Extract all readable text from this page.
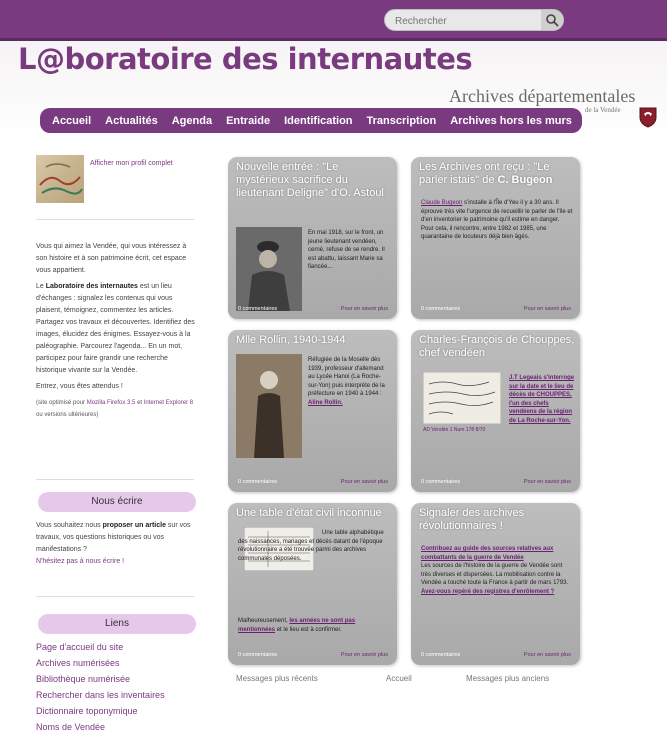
Rechercher
L@boratoire des internautes
Archives départementales
de la Vendée
Accueil	Actualités	Agenda	Entraide	Identification	Transcription	Archives hors les murs
Afficher mon profil complet

Vous qui aimez la Vendée, qui vous intéressez à son histoire et à son patrimoine écrit, cet espace vous appartient.

Le Laboratoire des internautes est un lieu d'échanges : signalez les contenus qui vous plaisent, témoignez, commentez les articles. Partagez vos travaux et découvertes. Identifiez des images, élucidez des énigmes. Essayez-vous à la paléographie. Parcourez l'agenda... En un mot, participez pour faire grandir une recherche historique vivante sur la Vendée.

Entrez, vous êtes attendus !

(site optimisé pour Mozilla Firefox 3.5 et Internet Explorer 8 ou versions ultérieures)

Nous écrire
Vous souhaitez nous proposer un article sur vos travaux, vos questions historiques ou vos manifestations ?
N'hésitez pas à nous écrire !
Liens
Page d'accueil du site
Archives numérisées
Bibliothèque numérisée
Rechercher dans les inventaires
Dictionnaire toponymique
Noms de Vendée
Nouvelle entrée : "Le mystérieux sacrifice du lieutenant Deligne" d'O. Astoul
En mai 1918, sur le front, un jeune lieutenant vendéen, cerné, refuse de se rendre. Il est abattu, laissant Marie sa fiancée...
0 commentaires	Pour en savoir plus
Les Archives ont reçu : "Le parler istais" de C. Bugeon
Claude Bugeon s'installe à l'Île d'Yeu il y a 30 ans. Il éprouve très vite l'urgence de recueillir le parler de l'île et d'en inventorier le patrimoine qu'il estime en danger. Pour cela, il rencontre, entre 1982 et 1985, une quarantaine de locuteurs déjà bien âgés.
0 commentaires	Pour en savoir plus
Mlle Rollin, 1940-1944
Réfugiée de la Moselle dès 1939, professeur d'allemand au Lycée Hanoi (La Roche-sur-Yon) puis interprète de la préfecture en 1940 à 1944 : Aline Rollin.
0 commentaires	Pour en savoir plus
Charles-François de Chouppes, chef vendéen
AD Vendée 1 Num 178 8/70
J.T Legeais s'interroge sur la date et le lieu de décès de CHOUPPES, l'un des chefs vendéens de la région de La Roche-sur-Yon.
0 commentaires	Pour en savoir plus
Une table d'état civil inconnue
Une table alphabétique des naissances, mariages et décès datant de l'époque révolutionnaire a été trouvée parmi des archives communales déposées.
Malheureusement, les années ne sont pas mentionnées et le lieu est à confirmer.
0 commentaires	Pour en savoir plus
Signaler des archives révolutionnaires !
Contribuez au guide des sources relatives aux combattants de la guerre de Vendée
Les sources de l'histoire de la guerre de Vendée sont très diverses et dispersées. La mobilisation contre la Vendée a touché toute la France à partir de mars 1793. Avez-vous repéré des registres d'enrôlement ?
0 commentaires	Pour en savoir plus
Messages plus récents	Accueil	Messages plus anciens
